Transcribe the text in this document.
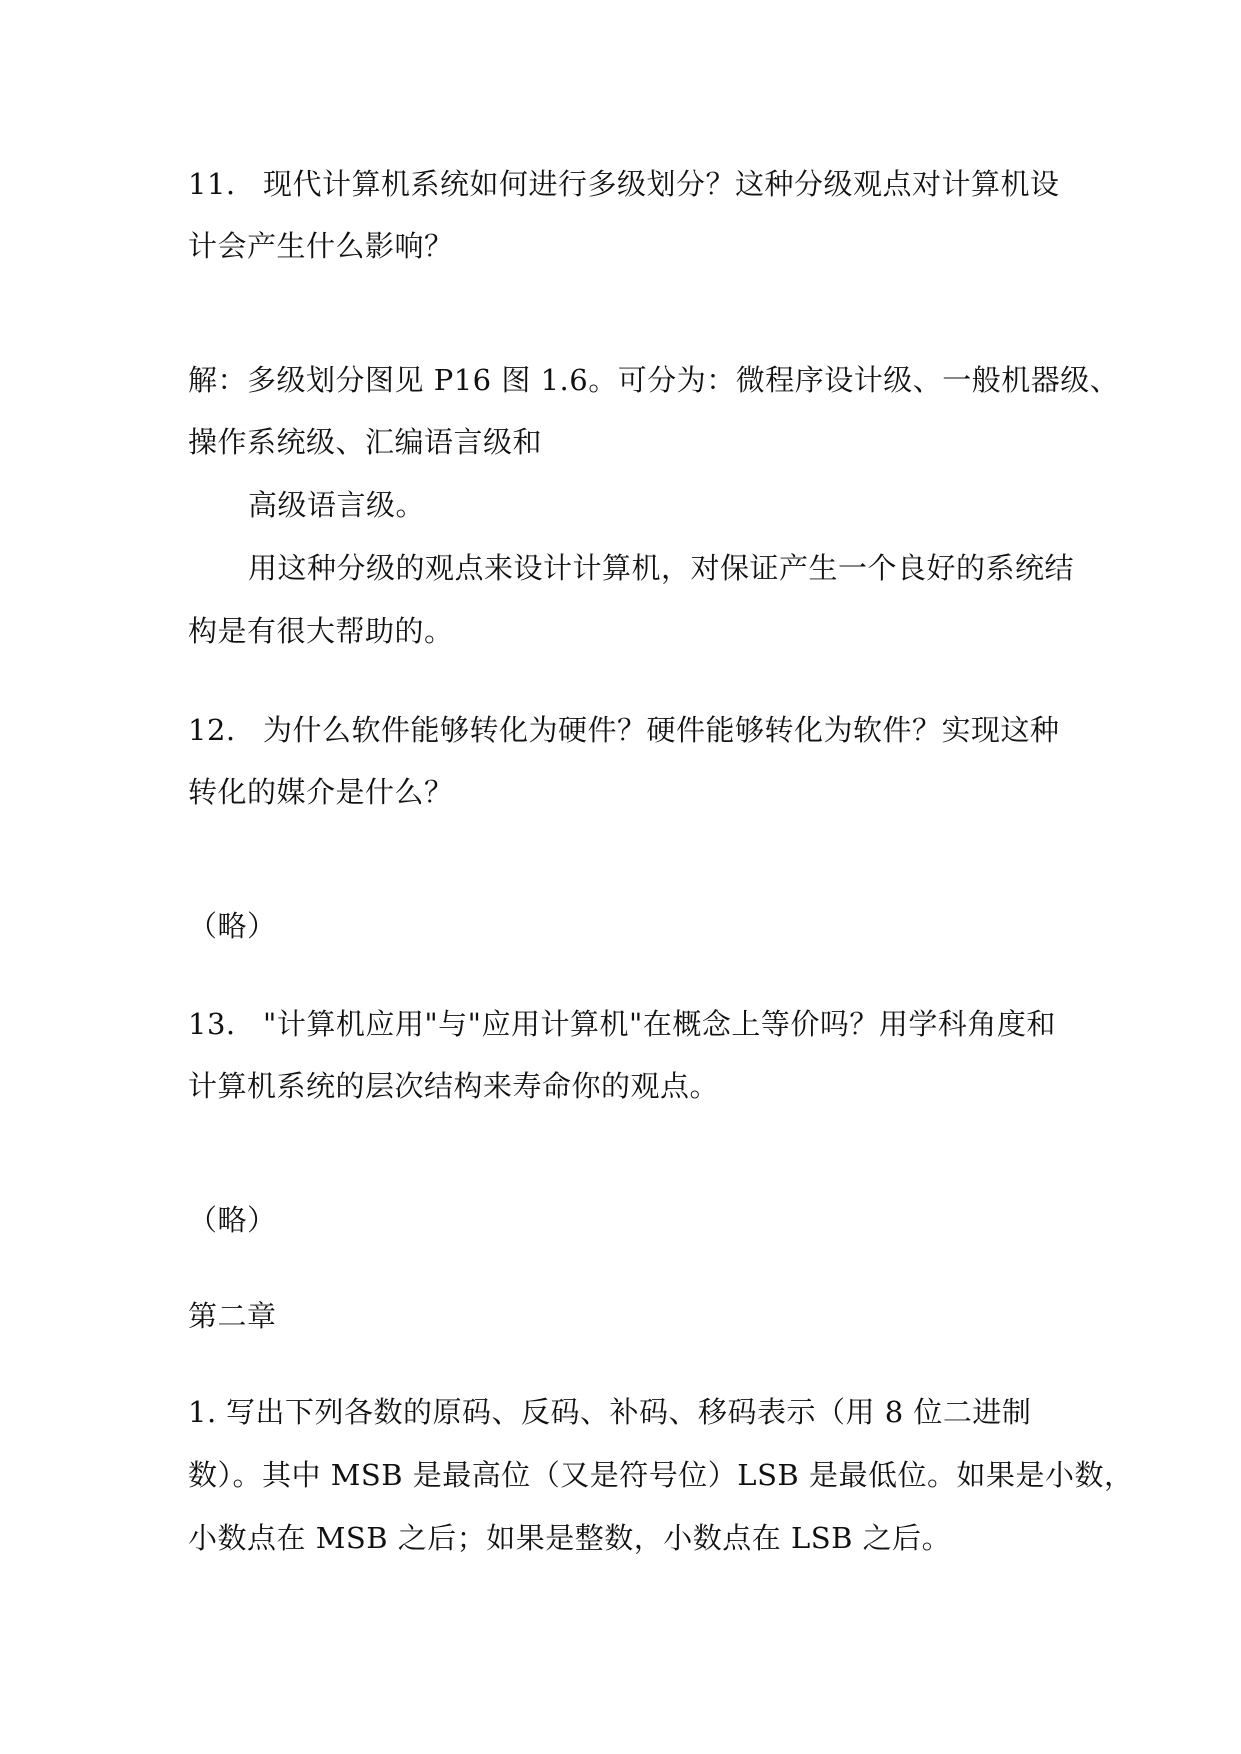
11. 现代计算机系统如何进行多级划分？这种分级观点对计算机设
计会产生什么影响？
解：多级划分图见 P16 图 1.6。可分为：微程序设计级、一般机器级、
操作系统级、汇编语言级和
高级语言级。
用这种分级的观点来设计计算机，对保证产生一个良好的系统结
构是有很大帮助的。
12. 为什么软件能够转化为硬件？硬件能够转化为软件？实现这种
转化的媒介是什么？
（略）
13. "计算机应用"与"应用计算机"在概念上等价吗？用学科角度和
计算机系统的层次结构来寿命你的观点。
（略）
第二章
1. 写出下列各数的原码、反码、补码、移码表示（用 8 位二进制
数）。其中 MSB 是最高位（又是符号位）LSB 是最低位。如果是小数，
小数点在 MSB 之后；如果是整数，小数点在 LSB 之后。
